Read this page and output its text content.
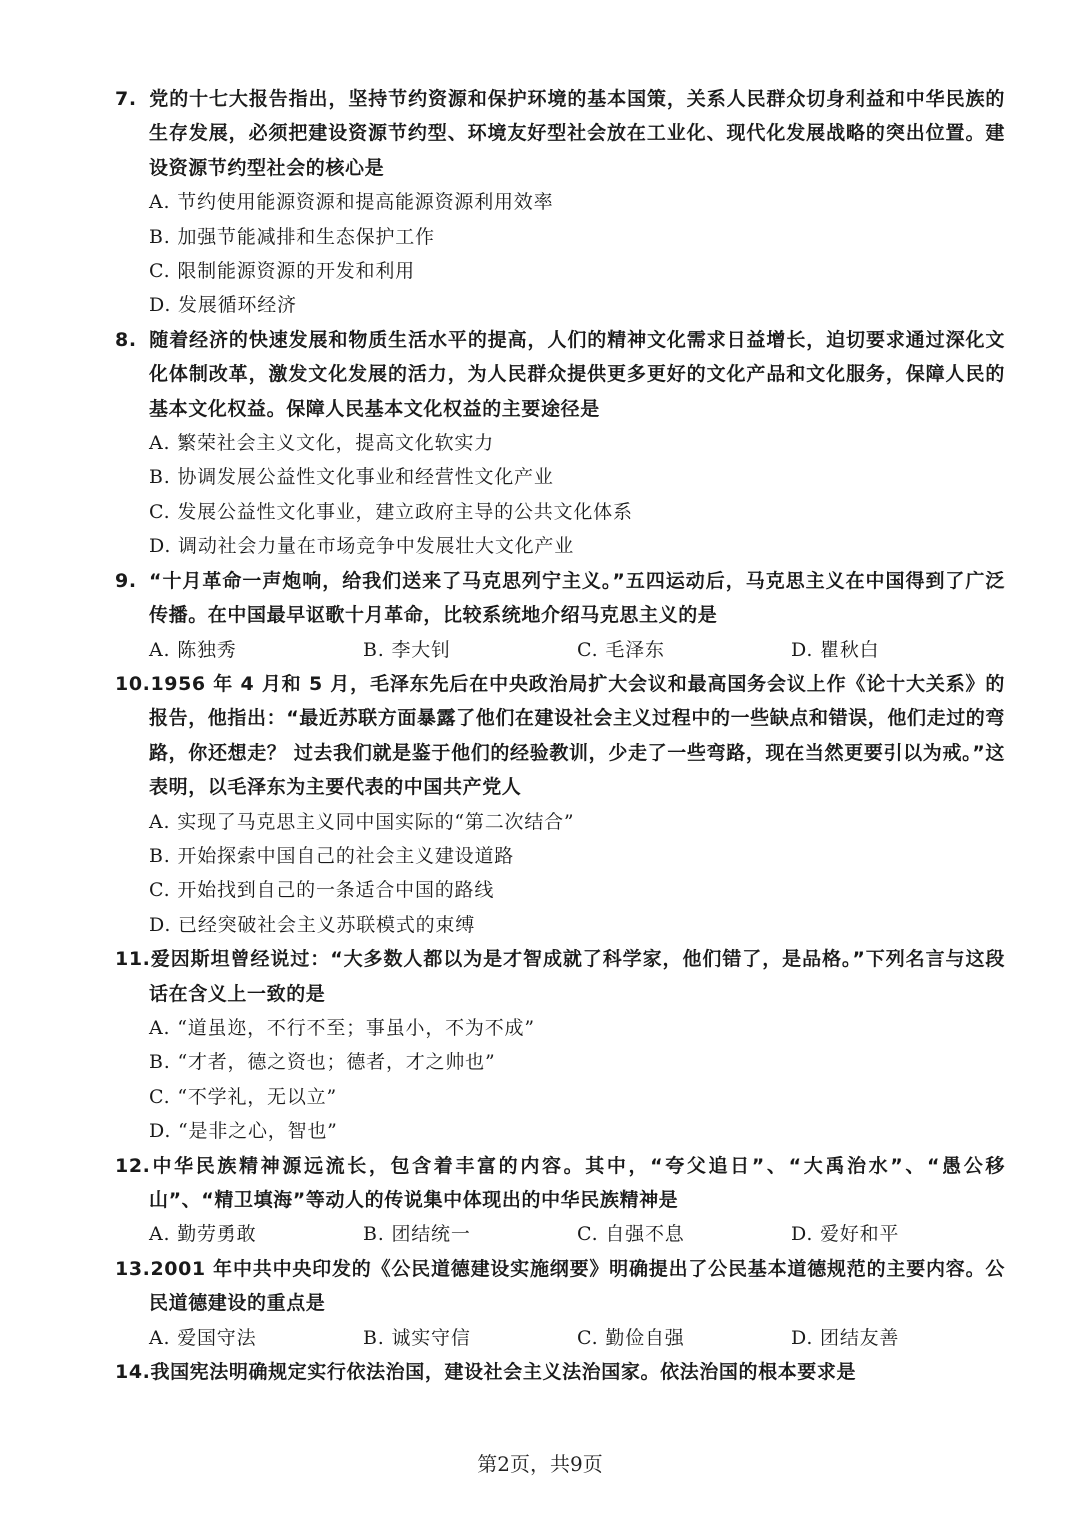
7. 党的十七大报告指出，坚持节约资源和保护环境的基本国策，关系人民群众切身利益和中华民族的生存发展，必须把建设资源节约型、环境友好型社会放在工业化、现代化发展战略的突出位置。建设资源节约型社会的核心是
A. 节约使用能源资源和提高能源资源利用效率
B. 加强节能减排和生态保护工作
C. 限制能源资源的开发和利用
D. 发展循环经济
8. 随着经济的快速发展和物质生活水平的提高，人们的精神文化需求日益增长，迫切要求通过深化文化体制改革，激发文化发展的活力，为人民群众提供更多更好的文化产品和文化服务，保障人民的基本文化权益。保障人民基本文化权益的主要途径是
A. 繁荣社会主义文化，提高文化软实力
B. 协调发展公益性文化事业和经营性文化产业
C. 发展公益性文化事业，建立政府主导的公共文化体系
D. 调动社会力量在市场竞争中发展壮大文化产业
9. “十月革命一声炮响，给我们送来了马克思列宁主义。”五四运动后，马克思主义在中国得到了广泛传播。在中国最早讴歌十月革命，比较系统地介绍马克思主义的是
A. 陈独秀	B. 李大钊	C. 毛泽东	D. 瞿秋白
10.1956 年 4 月和 5 月，毛泽东先后在中央政治局扩大会议和最高国务会议上作《论十大关系》的报告，他指出：“最近苏联方面暴露了他们在建设社会主义过程中的一些缺点和错误，他们走过的弯路，你还想走？ 过去我们就是鉴于他们的经验教训，少走了一些弯路，现在当然更要引以为戒。”这表明，以毛泽东为主要代表的中国共产党人
A. 实现了马克思主义同中国实际的“第二次结合”
B. 开始探索中国自己的社会主义建设道路
C. 开始找到自己的一条适合中国的路线
D. 已经突破社会主义苏联模式的束缚
11.爱因斯坦曾经说过：“大多数人都以为是才智成就了科学家，他们错了，是品格。”下列名言与这段话在含义上一致的是
A. “道虽迩，不行不至；事虽小，不为不成”
B. “才者，德之资也；德者，才之帅也”
C. “不学礼，无以立”
D. “是非之心，智也”
12.中华民族精神源远流长，包含着丰富的内容。其中，“夸父追日”、“大禹治水”、“愚公移山”、“精卫填海”等动人的传说集中体现出的中华民族精神是
A. 勤劳勇敢	B. 团结统一	C. 自强不息	D. 爱好和平
13.2001 年中共中央印发的《公民道德建设实施纲要》明确提出了公民基本道德规范的主要内容。公民道德建设的重点是
A. 爱国守法	B. 诚实守信	C. 勤俭自强	D. 团结友善
14.我国宪法明确规定实行依法治国，建设社会主义法治国家。依法治国的根本要求是
第2页，共9页
